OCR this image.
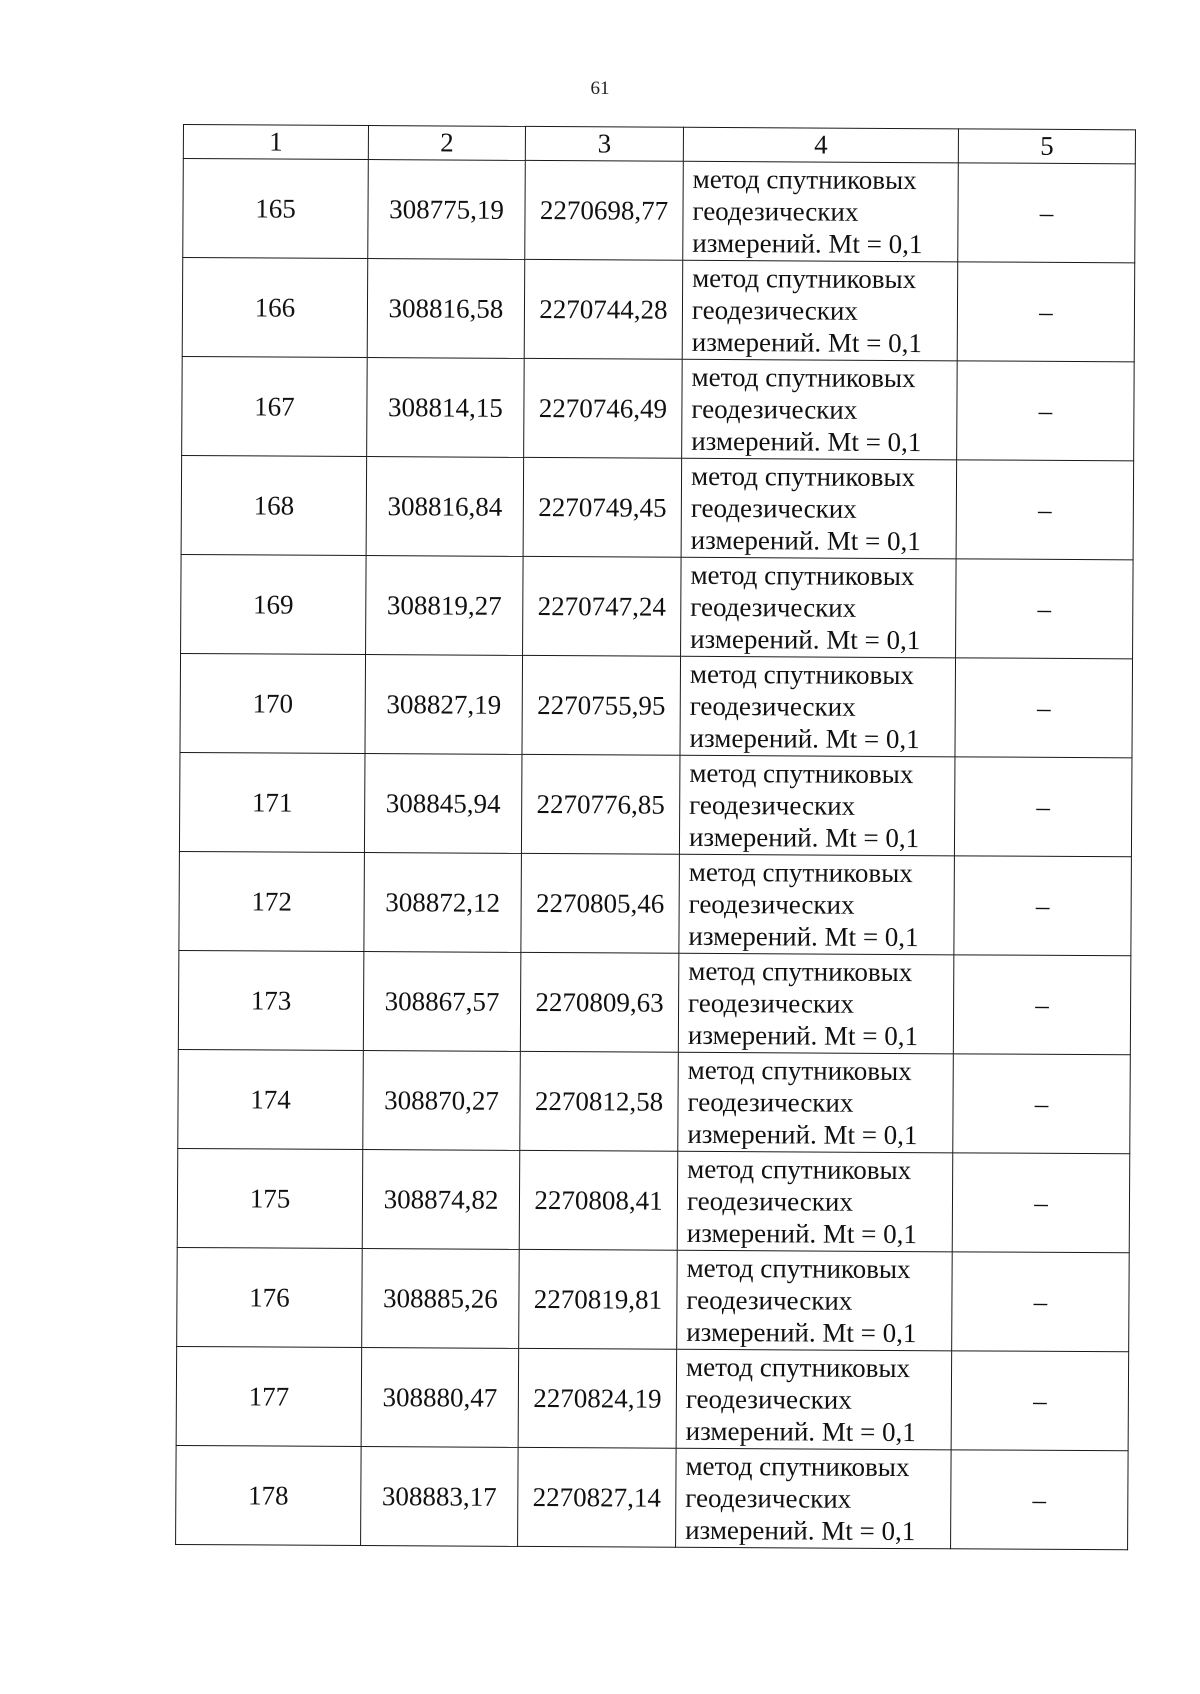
61
1	2	3	4	5
165	308775,19	2270698,77	метод спутниковых
геодезических
измерений. Mt = 0,1	–
166	308816,58	2270744,28	метод спутниковых
геодезических
измерений. Mt = 0,1	–
167	308814,15	2270746,49	метод спутниковых
геодезических
измерений. Mt = 0,1	–
168	308816,84	2270749,45	метод спутниковых
геодезических
измерений. Mt = 0,1	–
169	308819,27	2270747,24	метод спутниковых
геодезических
измерений. Mt = 0,1	–
170	308827,19	2270755,95	метод спутниковых
геодезических
измерений. Mt = 0,1	–
171	308845,94	2270776,85	метод спутниковых
геодезических
измерений. Mt = 0,1	–
172	308872,12	2270805,46	метод спутниковых
геодезических
измерений. Mt = 0,1	–
173	308867,57	2270809,63	метод спутниковых
геодезических
измерений. Mt = 0,1	–
174	308870,27	2270812,58	метод спутниковых
геодезических
измерений. Mt = 0,1	–
175	308874,82	2270808,41	метод спутниковых
геодезических
измерений. Mt = 0,1	–
176	308885,26	2270819,81	метод спутниковых
геодезических
измерений. Mt = 0,1	–
177	308880,47	2270824,19	метод спутниковых
геодезических
измерений. Mt = 0,1	–
178	308883,17	2270827,14	метод спутниковых
геодезических
измерений. Mt = 0,1	–
